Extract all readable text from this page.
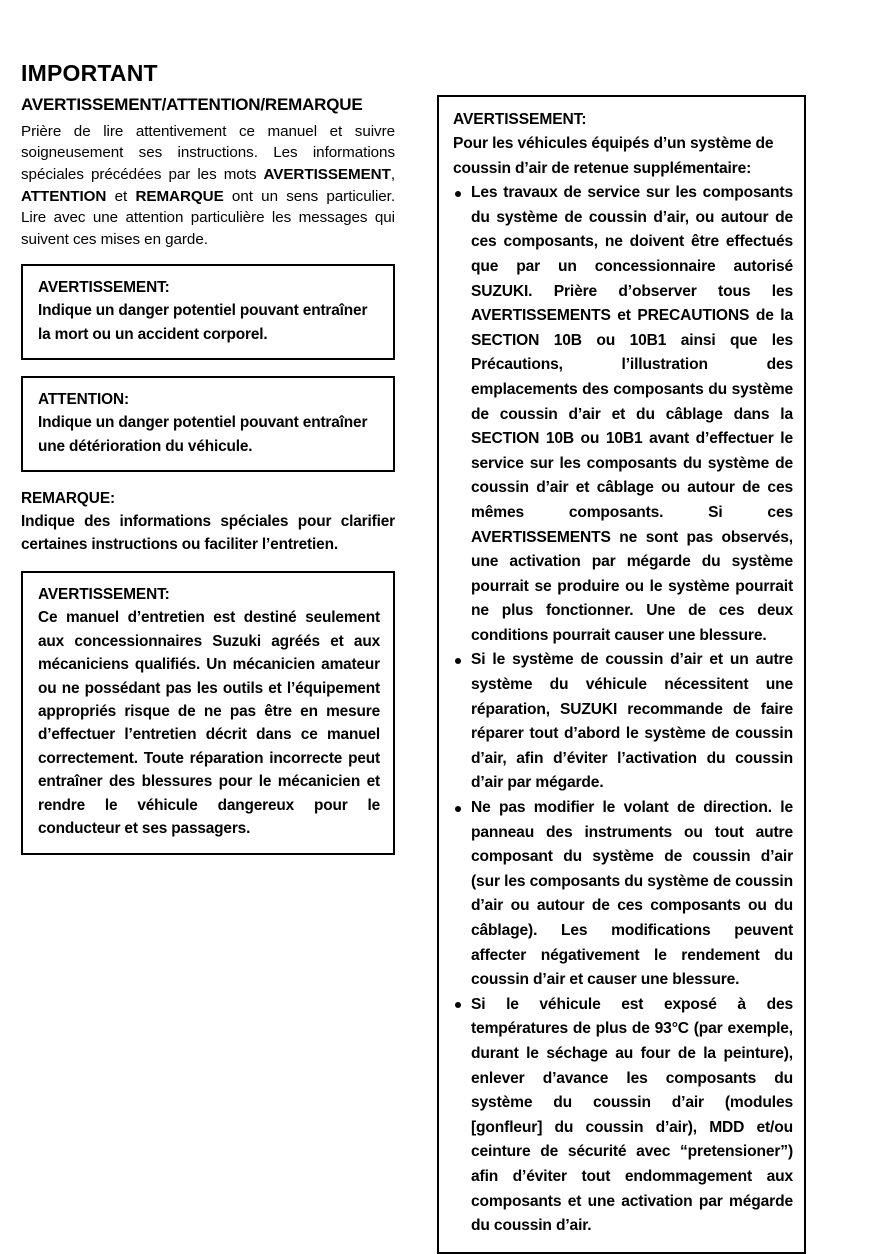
IMPORTANT
AVERTISSEMENT/ATTENTION/REMARQUE

Prière de lire attentivement ce manuel et suivre soigneusement ses instructions. Les informations spéciales précédées par les mots AVERTISSEMENT, ATTENTION et REMARQUE ont un sens particulier. Lire avec une attention particulière les messages qui suivent ces mises en garde.

AVERTISSEMENT:

Indique un danger potentiel pouvant entraîner la mort ou un accident corporel.

ATTENTION:

Indique un danger potentiel pouvant entraîner une détérioration du véhicule.

REMARQUE:

Indique des informations spéciales pour clarifier certaines instructions ou faciliter l’entretien.

AVERTISSEMENT:

Ce manuel d’entretien est destiné seulement aux concessionnaires Suzuki agréés et aux mécaniciens qualifiés. Un mécanicien amateur ou ne possédant pas les outils et l’équipement appropriés risque de ne pas être en mesure d’effectuer l’entretien décrit dans ce manuel correctement. Toute réparation incorrecte peut entraîner des blessures pour le mécanicien et rendre le véhicule dangereux pour le conducteur et ses passagers.

AVERTISSEMENT:

Pour les véhicules équipés d’un système de coussin d’air de retenue supplémentaire:

Les travaux de service sur les composants du système de coussin d’air, ou autour de ces composants, ne doivent être effectués que par un concessionnaire autorisé SUZUKI. Prière d’observer tous les AVERTISSEMENTS et PRECAUTIONS de la SECTION 10B ou 10B1 ainsi que les Précautions, l’illustration des emplacements des composants du système de coussin d’air et du câblage dans la SECTION 10B ou 10B1 avant d’effectuer le service sur les composants du système de coussin d’air et câblage ou autour de ces mêmes composants. Si ces AVERTISSEMENTS ne sont pas observés, une activation par mégarde du système pourrait se produire ou le système pourrait ne plus fonctionner. Une de ces deux conditions pourrait causer une blessure.
Si le système de coussin d’air et un autre système du véhicule nécessitent une réparation, SUZUKI recommande de faire réparer tout d’abord le système de coussin d’air, afin d’éviter l’activation du coussin d’air par mégarde.
Ne pas modifier le volant de direction. le panneau des instruments ou tout autre composant du système de coussin d’air (sur les composants du système de coussin d’air ou autour de ces composants ou du câblage). Les modifications peuvent affecter négativement le rendement du coussin d’air et causer une blessure.
Si le véhicule est exposé à des températures de plus de 93°C (par exemple, durant le séchage au four de la peinture), enlever d’avance les composants du système du coussin d’air (modules [gonfleur] du coussin d’air), MDD et/ou ceinture de sécurité avec “pretensioner”) afin d’éviter tout endommagement aux composants et une activation par mégarde du coussin d’air.
